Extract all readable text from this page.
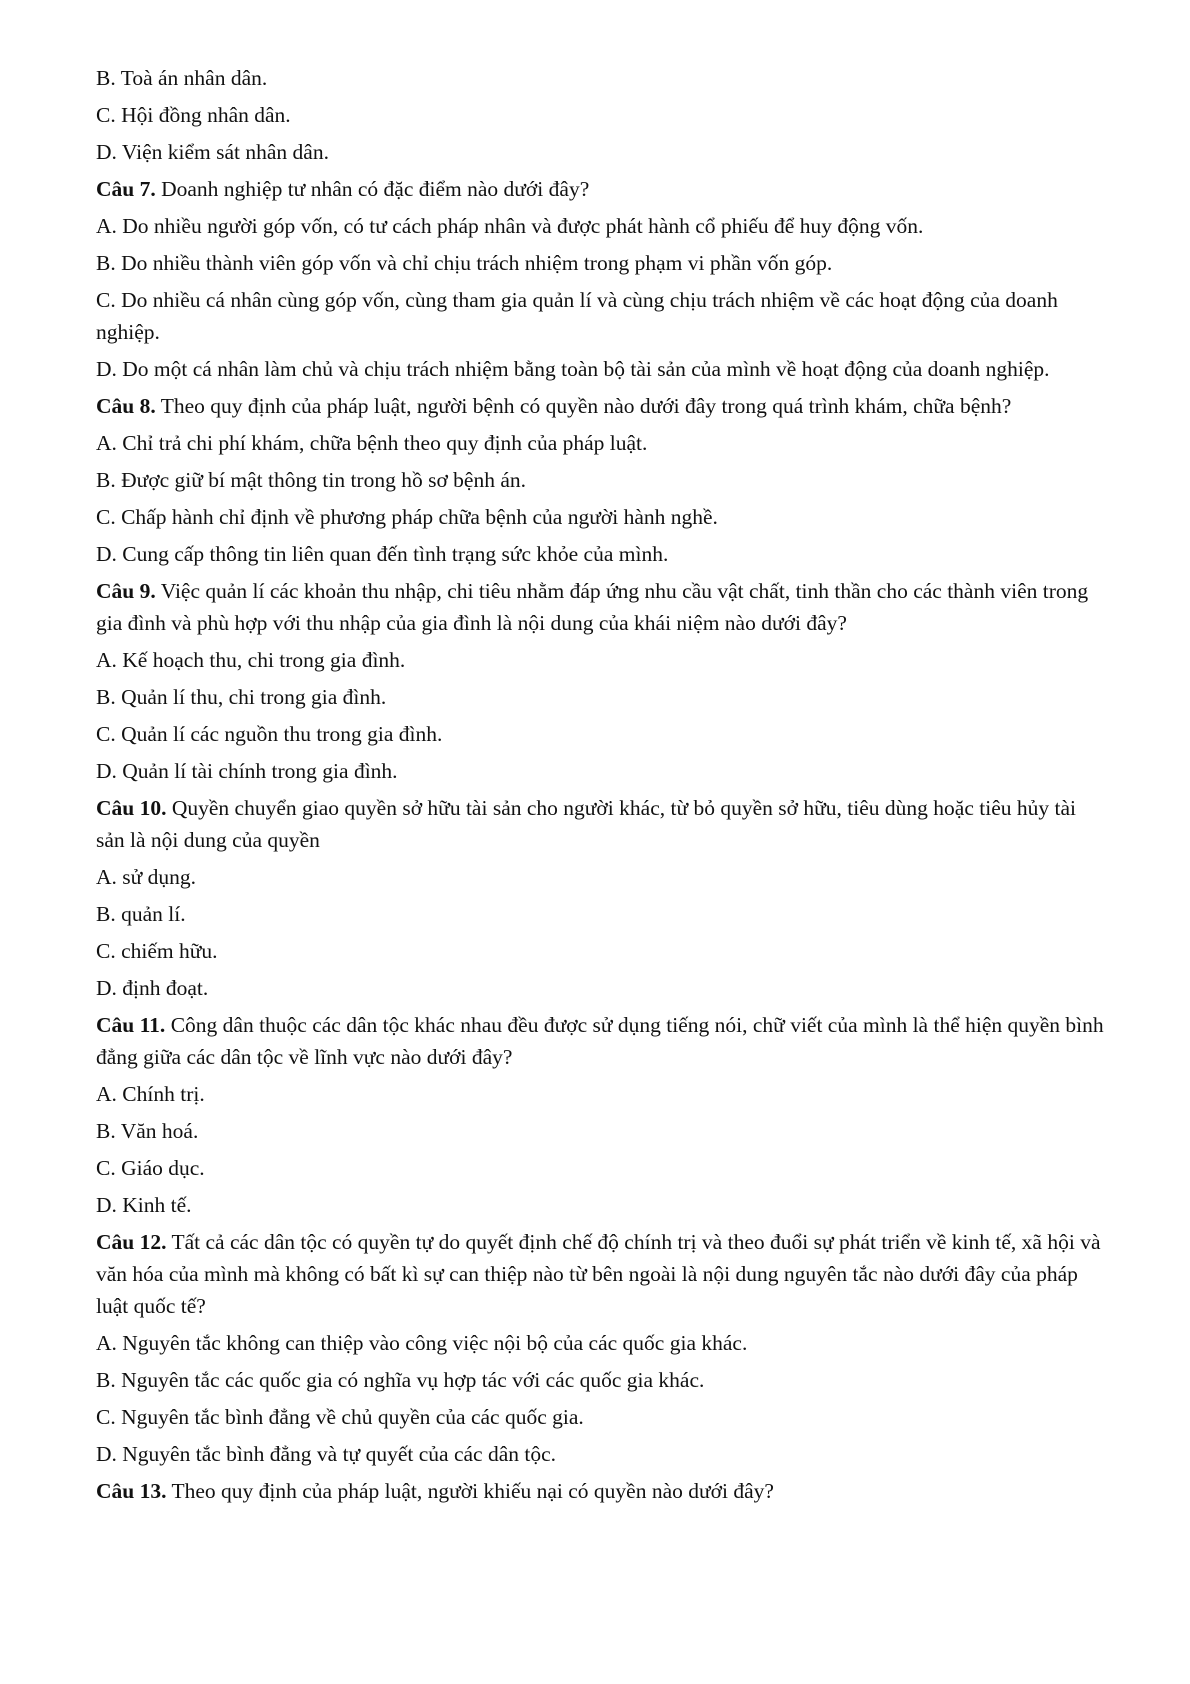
B. Toà án nhân dân.

C. Hội đồng nhân dân.

D. Viện kiểm sát nhân dân.

Câu 7. Doanh nghiệp tư nhân có đặc điểm nào dưới đây?

A. Do nhiều người góp vốn, có tư cách pháp nhân và được phát hành cổ phiếu để huy động vốn.

B. Do nhiều thành viên góp vốn và chỉ chịu trách nhiệm trong phạm vi phần vốn góp.

C. Do nhiều cá nhân cùng góp vốn, cùng tham gia quản lí và cùng chịu trách nhiệm về các hoạt động của doanh nghiệp.

D. Do một cá nhân làm chủ và chịu trách nhiệm bằng toàn bộ tài sản của mình về hoạt động của doanh nghiệp.

Câu 8. Theo quy định của pháp luật, người bệnh có quyền nào dưới đây trong quá trình khám, chữa bệnh?

A. Chỉ trả chi phí khám, chữa bệnh theo quy định của pháp luật.

B. Được giữ bí mật thông tin trong hồ sơ bệnh án.

C. Chấp hành chỉ định về phương pháp chữa bệnh của người hành nghề.

D. Cung cấp thông tin liên quan đến tình trạng sức khỏe của mình.

Câu 9. Việc quản lí các khoản thu nhập, chi tiêu nhằm đáp ứng nhu cầu vật chất, tinh thần cho các thành viên trong gia đình và phù hợp với thu nhập của gia đình là nội dung của khái niệm nào dưới đây?

A. Kế hoạch thu, chi trong gia đình.

B. Quản lí thu, chi trong gia đình.

C. Quản lí các nguồn thu trong gia đình.

D. Quản lí tài chính trong gia đình.

Câu 10. Quyền chuyển giao quyền sở hữu tài sản cho người khác, từ bỏ quyền sở hữu, tiêu dùng hoặc tiêu hủy tài sản là nội dung của quyền

A. sử dụng.

B. quản lí.

C. chiếm hữu.

D. định đoạt.

Câu 11. Công dân thuộc các dân tộc khác nhau đều được sử dụng tiếng nói, chữ viết của mình là thể hiện quyền bình đẳng giữa các dân tộc về lĩnh vực nào dưới đây?

A. Chính trị.

B. Văn hoá.

C. Giáo dục.

D. Kinh tế.

Câu 12. Tất cả các dân tộc có quyền tự do quyết định chế độ chính trị và theo đuổi sự phát triển về kinh tế, xã hội và văn hóa của mình mà không có bất kì sự can thiệp nào từ bên ngoài là nội dung nguyên tắc nào dưới đây của pháp luật quốc tế?

A. Nguyên tắc không can thiệp vào công việc nội bộ của các quốc gia khác.

B. Nguyên tắc các quốc gia có nghĩa vụ hợp tác với các quốc gia khác.

C. Nguyên tắc bình đẳng về chủ quyền của các quốc gia.

D. Nguyên tắc bình đẳng và tự quyết của các dân tộc.

Câu 13. Theo quy định của pháp luật, người khiếu nại có quyền nào dưới đây?
